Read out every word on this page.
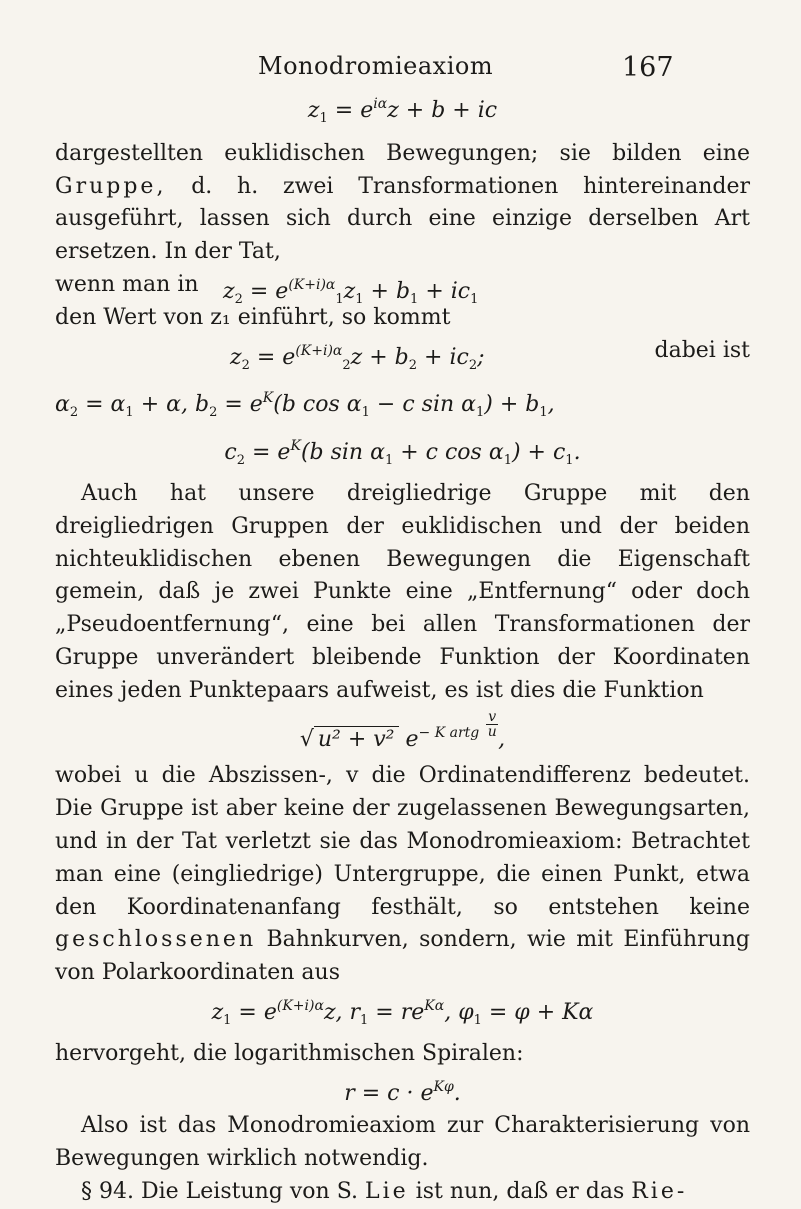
Monodromieaxiom	167
$z_1 = e^{i\alpha}z + b$ + ic

dargestellten euklidischen Bewegungen; sie bilden eine Gruppe, d. h. zwei Transformationen hintereinander ausgeführt, lassen sich durch eine einzige derselben Art ersetzen. In der Tat,

wenn man in $z_2 = e^{(K+i)\alpha}_1z_1 + b_1 + ic_1$

den Wert von z₁ einführt, so kommt

$z_2 = e^{(K+i)\alpha}_2z + b_2 + ic_2$;	dabei ist
$\alpha_2 = \alpha_1 + \alpha$, $b_2 = e^K(b$ $\cos \alpha_1 - c$ $\sin \alpha_1) + b_1$,
$c_2 = e^K(b$ $\sin \alpha_1 + c$ $\cos \alpha_1) + c_1$.

Auch hat unsere dreigliedrige Gruppe mit den dreigliedrigen Gruppen der euklidischen und der beiden nichteuklidischen ebenen Bewegungen die Eigenschaft gemein, daß je zwei Punkte eine „Entfernung“ oder doch „Pseudoentfernung“, eine bei allen Transformationen der Gruppe unverändert bleibende Funktion der Koordinaten eines jeden Punktepaars aufweist, es ist dies die Funktion

√ u² + v² $e^{- K artg} \frac{v}{u}$,

wobei u die Abszissen-, v die Ordinatendifferenz bedeutet. Die Gruppe ist aber keine der zugelassenen Bewegungsarten, und in der Tat verletzt sie das Monodromieaxiom: Betrachtet man eine (eingliedrige) Untergruppe, die einen Punkt, etwa den Koordinatenanfang festhält, so entstehen keine geschlossenen Bahnkurven, sondern, wie mit Einführung von Polarkoordinaten aus

$z_1 = e^{(K+i)\alpha}z$, $r_1 = re^{K\alpha}$, $\varphi_1 = \varphi + K\alpha$

hervorgeht, die logarithmischen Spiralen:

$r = c \cdot e^{K\varphi}$.

Also ist das Monodromieaxiom zur Charakterisierung von Bewegungen wirklich notwendig.

§ 94. Die Leistung von S. Lie ist nun, daß er das Rie-
